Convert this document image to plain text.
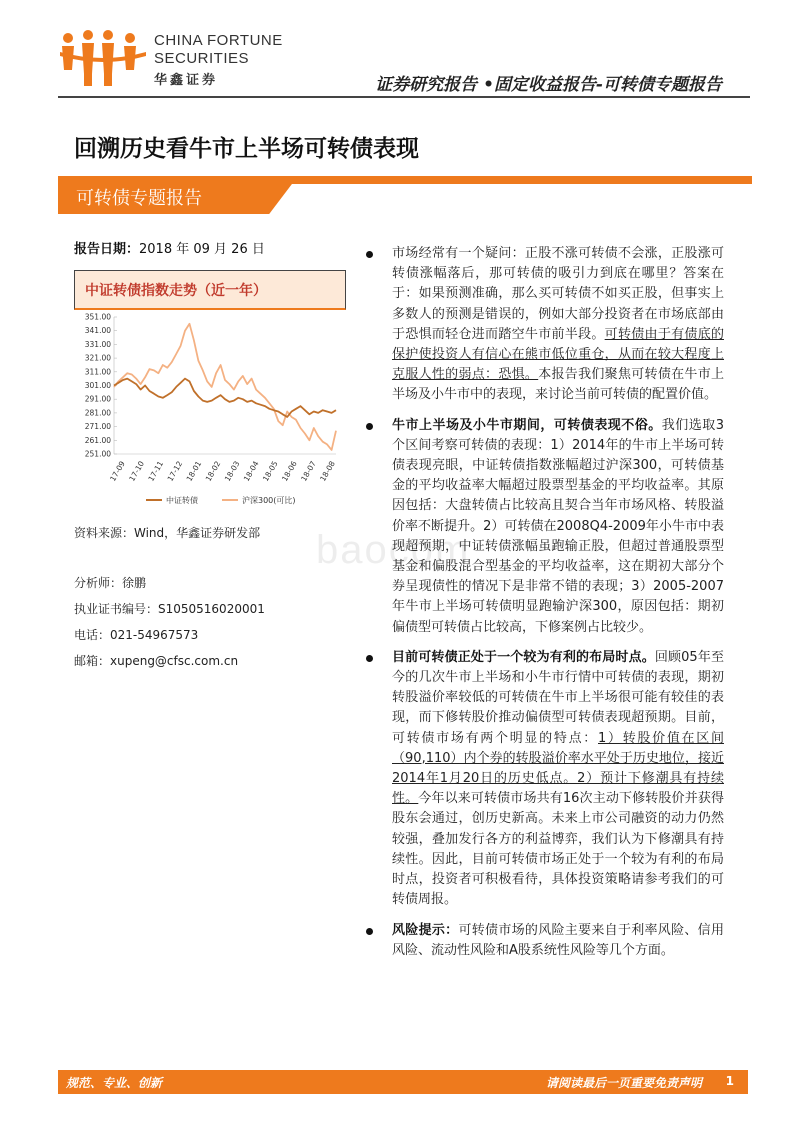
CHINA FORTUNE
SECURITIES
华鑫证券	证券研究报告 •固定收益报告-可转债专题报告
回溯历史看牛市上半场可转债表现
可转债专题报告
报告日期：2018 年 09 月 26 日
中证转债指数走势（近一年）
351.00
341.00
331.00
321.00
311.00
301.00
291.00
281.00
271.00
261.00
251.00
17-09 17-10 17-11 17-12 18-01 18-02 18-03 18-04 18-05 18-06 18-07 18-08
中证转债	沪深300(可比)
资料来源：Wind，华鑫证券研发部
分析师：徐鹏
执业证书编号：S1050516020001
电话：021-54967573
邮箱：xupeng@cfsc.com.cn
市场经常有一个疑问：正股不涨可转债不会涨，正股涨可转债涨幅落后，那可转债的吸引力到底在哪里？答案在于：如果预测准确，那么买可转债不如买正股，但事实上多数人的预测是错误的，例如大部分投资者在市场底部由于恐惧而轻仓进而踏空牛市前半段。可转债由于有债底的保护使投资人有信心在熊市低位重仓，从而在较大程度上克服人性的弱点：恐惧。本报告我们聚焦可转债在牛市上半场及小牛市中的表现，来讨论当前可转债的配置价值。
牛市上半场及小牛市期间，可转债表现不俗。我们选取3个区间考察可转债的表现：1）2014年的牛市上半场可转债表现亮眼，中证转债指数涨幅超过沪深300，可转债基金的平均收益率大幅超过股票型基金的平均收益率。其原因包括：大盘转债占比较高且契合当年市场风格、转股溢价率不断提升。2）可转债在2008Q4-2009年小牛市中表现超预期，中证转债涨幅虽跑输正股，但超过普通股票型基金和偏股混合型基金的平均收益率，这在期初大部分个券呈现债性的情况下是非常不错的表现；3）2005-2007年牛市上半场可转债明显跑输沪深300，原因包括：期初偏债型可转债占比较高，下修案例占比较少。
目前可转债正处于一个较为有利的布局时点。回顾05年至今的几次牛市上半场和小牛市行情中可转债的表现，期初转股溢价率较低的可转债在牛市上半场很可能有较佳的表现，而下修转股价推动偏债型可转债表现超预期。目前，可转债市场有两个明显的特点：1）转股价值在区间（90,110）内个券的转股溢价率水平处于历史地位，接近2014年1月20日的历史低点。2）预计下修潮具有持续性。今年以来可转债市场共有16次主动下修转股价并获得股东会通过，创历史新高。未来上市公司融资的动力仍然较强，叠加发行各方的利益博弈，我们认为下修潮具有持续性。因此，目前可转债市场正处于一个较为有利的布局时点，投资者可积极看待，具体投资策略请参考我们的可转债周报。
风险提示：可转债市场的风险主要来自于利率风险、信用风险、流动性风险和A股系统性风险等几个方面。
baocom
规范、专业、创新	请阅读最后一页重要免责声明 1
